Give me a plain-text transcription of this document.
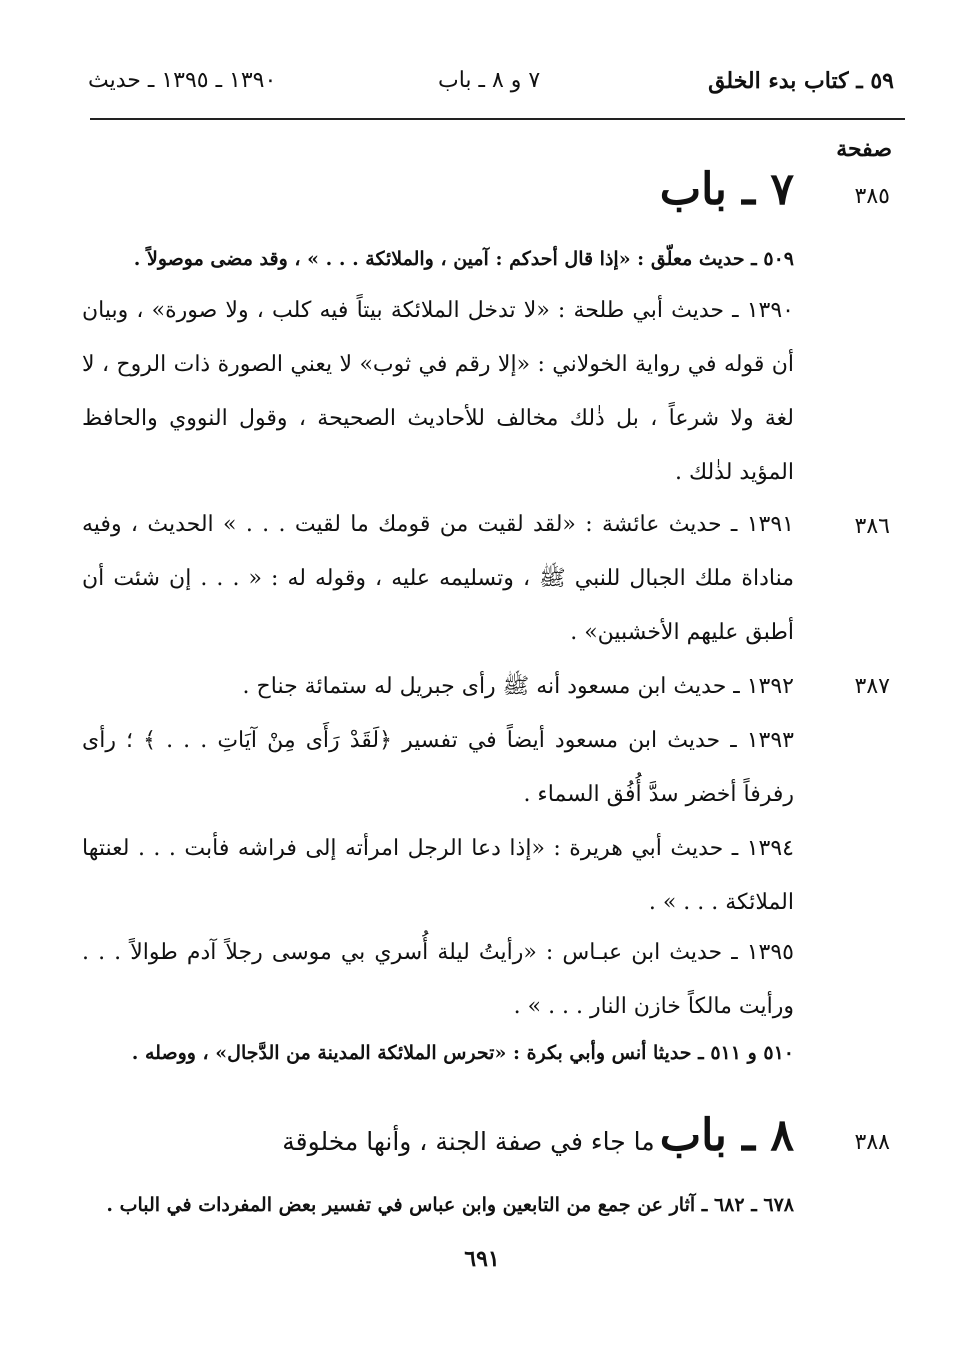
٥٩ ـ كتاب بدء الخلق
٧ و ٨ ـ باب
١٣٩٠ ـ ١٣٩٥ ـ حديث
صفحة
٣٨٥
٧ ـ باب
٥٠٩ ـ حديث معلّق : «إذا قال أحدكم : آمين ، والملائكة . . . » ، وقد مضى موصولاً .
١٣٩٠ ـ حديث أبي طلحة : «لا تدخل الملائكة بيتاً فيه كلب ، ولا صورة» ، وبيان أن قوله في رواية الخولاني : «إلا رقم في ثوب» لا يعني الصورة ذات الروح ، لا لغة ولا شرعاً ، بل ذٰلك مخالف للأحاديث الصحيحة ، وقول النووي والحافظ المؤيد لذٰلك .
٣٨٦
١٣٩١ ـ حديث عائشة : «لقد لقيت من قومك ما لقيت . . . » الحديث ، وفيه مناداة ملك الجبال للنبي ﷺ ، وتسليمه عليه ، وقوله له : « . . . إن شئت أن أطبق عليهم الأخشبين» .
٣٨٧
١٣٩٢ ـ حديث ابن مسعود أنه ﷺ رأى جبريل له ستمائة جناح .
١٣٩٣ ـ حديث ابن مسعود أيضاً في تفسير ﴿لَقَدْ رَأَى مِنْ آيَاتِ . . . ﴾ ؛ رأى رفرفاً أخضر سدَّ أُفُق السماء .
١٣٩٤ ـ حديث أبي هريرة : «إذا دعا الرجل امرأته إلى فراشه فأبت . . . لعنتها الملائكة . . . » .
١٣٩٥ ـ حديث ابن عبـاس : «رأيتُ ليلة أُسري بي موسى رجلاً آدم طوالاً . . . ورأيت مالكاً خازن النار . . . » .
٥١٠ و ٥١١ ـ حديثا أنس وأبي بكرة : «تحرس الملائكة المدينة من الدَّجال» ، ووصله .
٣٨٨
٨ ـ باب ما جاء في صفة الجنة ، وأنها مخلوقة
٦٧٨ ـ ٦٨٢ ـ آثار عن جمع من التابعين وابن عباس في تفسير بعض المفردات في الباب .
٦٩١
